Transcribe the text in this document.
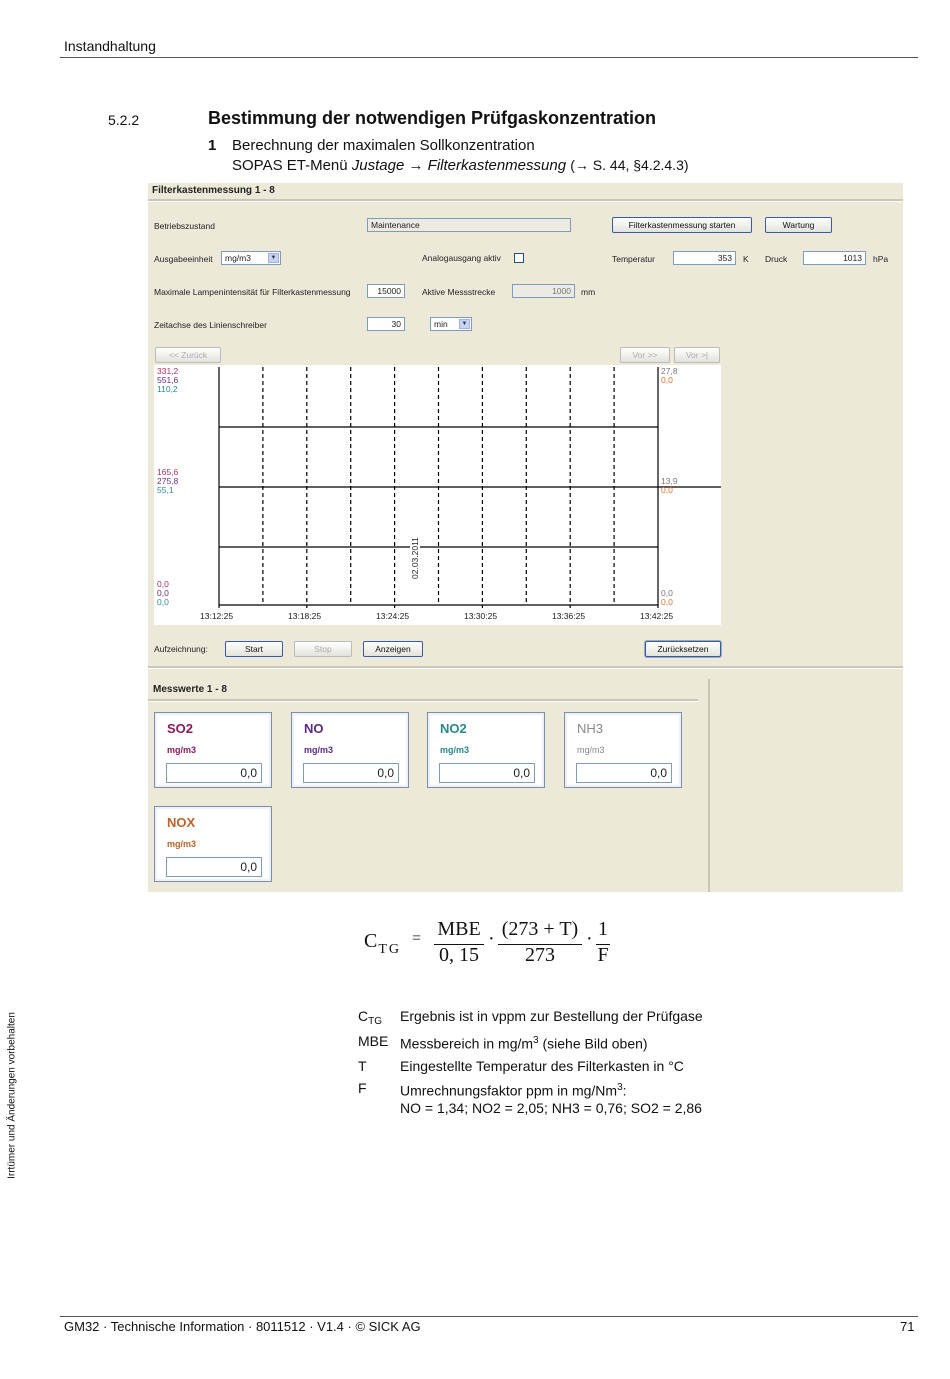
Instandhaltung
Irrtümer und Änderungen vorbehalten
5.2.2	Bestimmung der notwendigen Prüfgaskonzentration
1 Berechnung der maximalen Sollkonzentration
SOPAS ET-Menü Justage → Filterkastenmessung (→ S. 44, §4.2.4.3)
Filterkastenmessung 1 - 8
Betriebszustand	Maintenance	Filterkastenmessung starten	Wartung
Ausgabeeinheit	mg/m3	▼	Analogausgang aktiv	Temperatur	353	K Druck	1013	hPa
Maximale Lampenintensität für Filterkastenmessung	15000	Aktive Messstrecke	1000	mm
Zeitachse des Linienschreiber	30	min	▼
<< Zurück	Vor >>	Vor >|
331,2
551,6
110,2
165,6
275,8
55,1
0,0
0,0
0,0
27,8
0,0
13,9
0,0
0,0
0,0
13:12:25	13:18:25	13:24:25	13:30:25	13:36:25	13:42:25
02.03.2011
Aufzeichnung:	Start	Stop	Anzeigen	Zurücksetzen
Messwerte 1 - 8
SO2
mg/m3
0,0
NO
mg/m3
0,0
NO2
mg/m3
0,0
NH3
mg/m3
0,0
NOX
mg/m3
0,0
$C_{TG}$
= MBE
0, 15
· (273 + T)
273
· 1
F
$C_{TG}$	Ergebnis ist in vppm zur Bestellung der Prüfgase
MBE	Messbereich in $mg/m^3$ (siehe Bild oben)
T	Eingestellte Temperatur des Filterkasten in °C
F	Umrechnungsfaktor ppm in mg/Nm$^3$:
NO = 1,34; NO2 = 2,05; NH3 = 0,76; SO2 = 2,86
GM32 · Technische Information · 8011512 · V1.4 · © SICK AG	71
